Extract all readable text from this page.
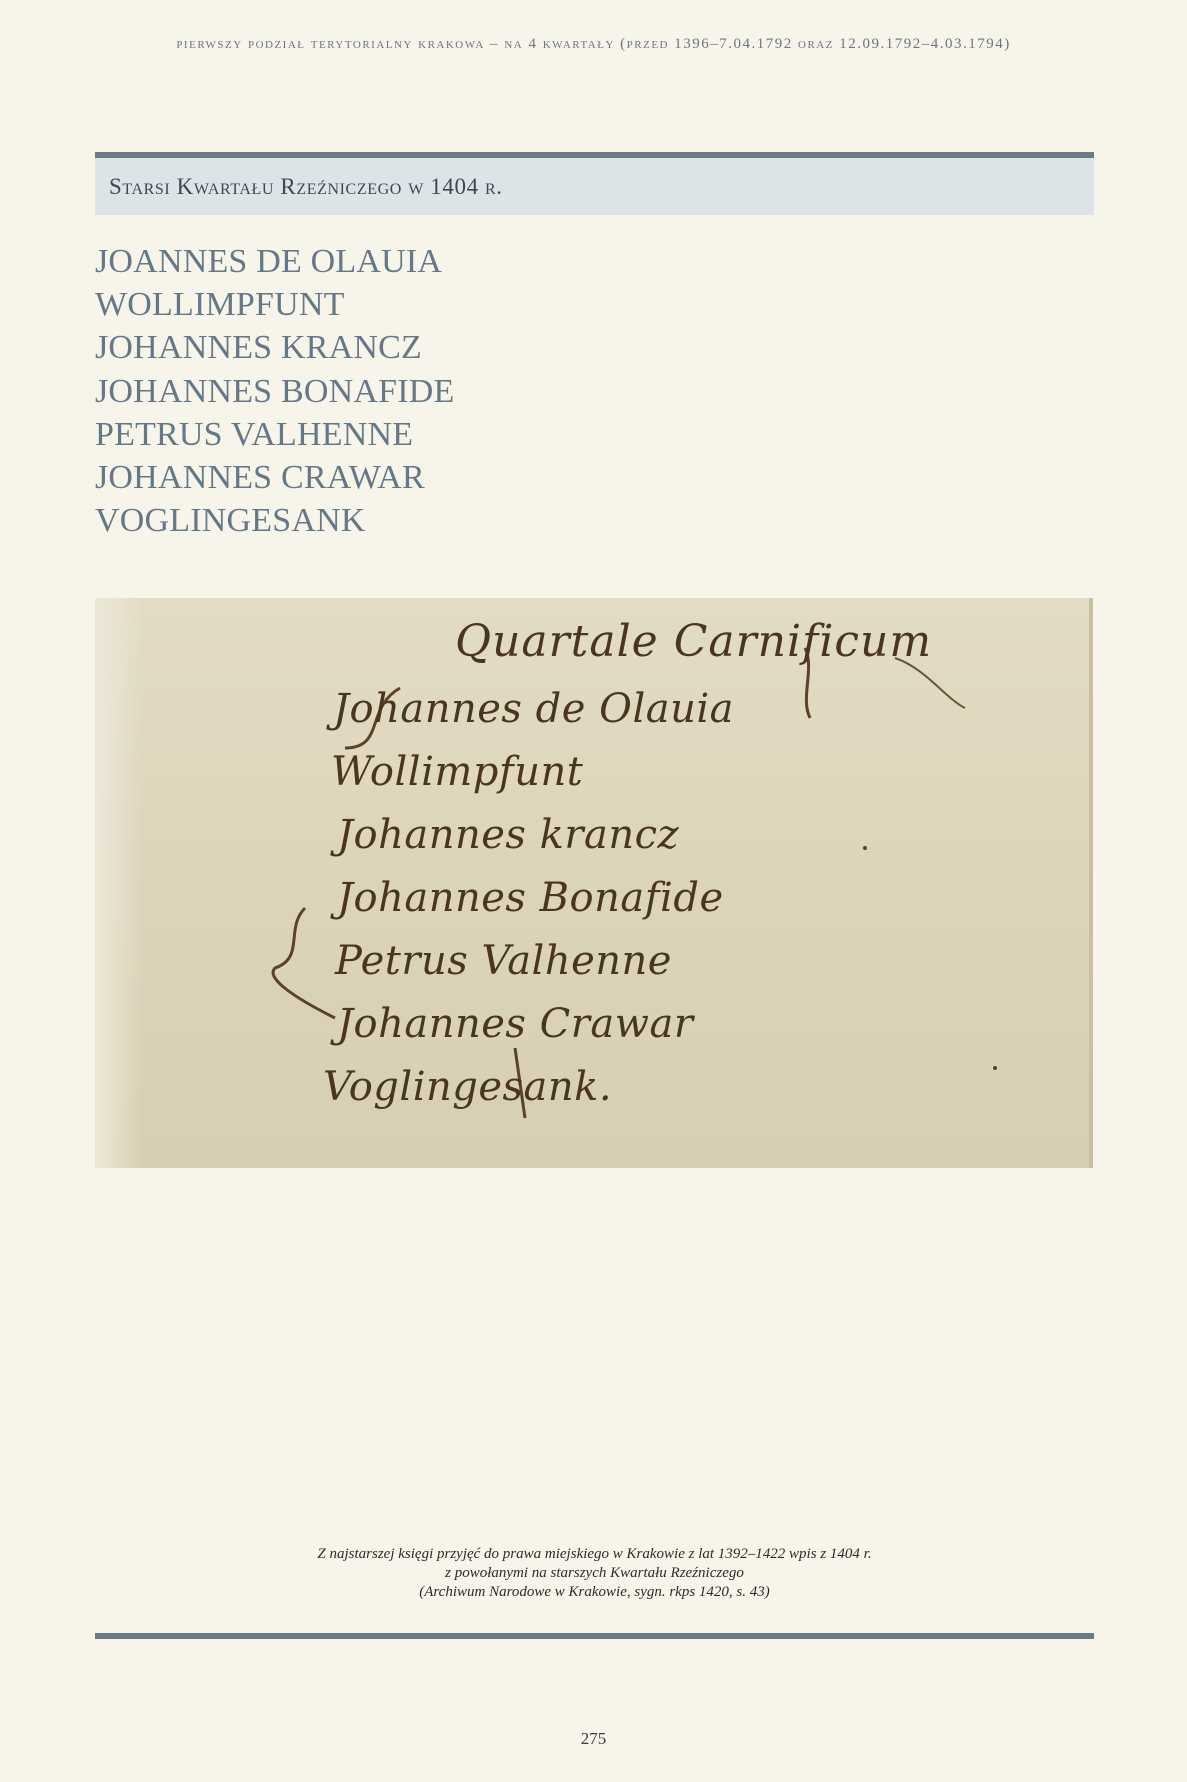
pierwszy podział terytorialny krakowa – na 4 kwartały (przed 1396–7.04.1792 oraz 12.09.1792–4.03.1794)
Starsi Kwartału Rzeźniczego w 1404 r.
JOANNES DE OLAUIA
WOLLIMPFUNT
JOHANNES KRANCZ
JOHANNES BONAFIDE
PETRUS VALHENNE
JOHANNES CRAWAR
VOGLINGESANK
Quartale Carnificum
Johannes de Olauia
Wollimpfunt
Johannes krancz
Johannes Bonafide
Petrus Valhenne
Johannes Crawar
Voglingesank.
Z najstarszej księgi przyjęć do prawa miejskiego w Krakowie z lat 1392–1422 wpis z 1404 r.
z powołanymi na starszych Kwartału Rzeźniczego
(Archiwum Narodowe w Krakowie, sygn. rkps 1420, s. 43)
275
